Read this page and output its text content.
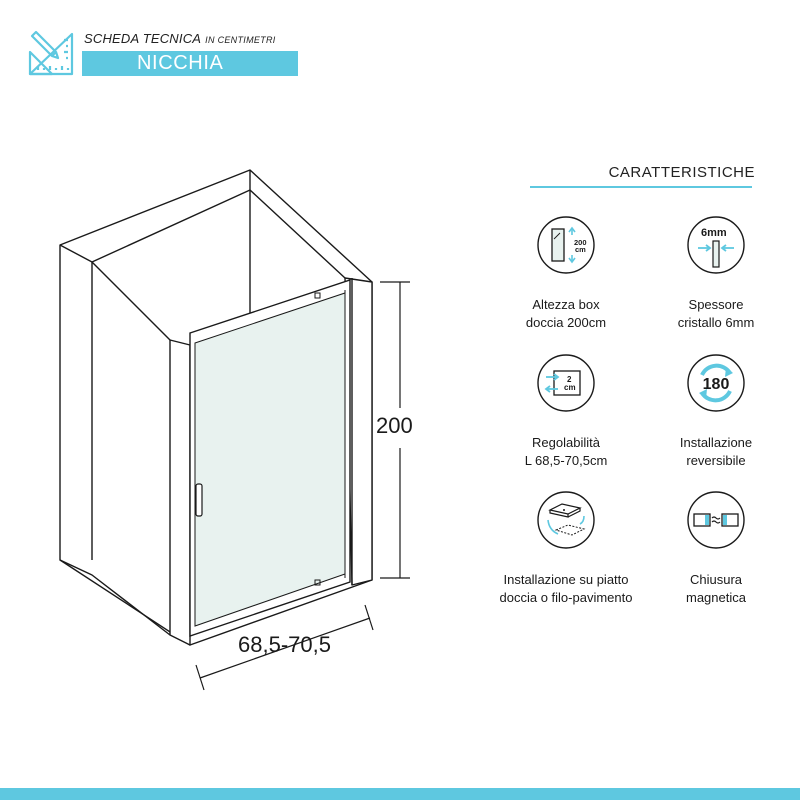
SCHEDA TECNICA IN CENTIMETRI
NICCHIA
200
68,5-70,5
CARATTERISTICHE
200
cm
Altezza box
doccia 200cm
6mm
Spessore
cristallo 6mm
2
cm
Regolabilità
L 68,5-70,5cm
180
Installazione
reversibile
Installazione su piatto
doccia o filo-pavimento
Chiusura
magnetica
